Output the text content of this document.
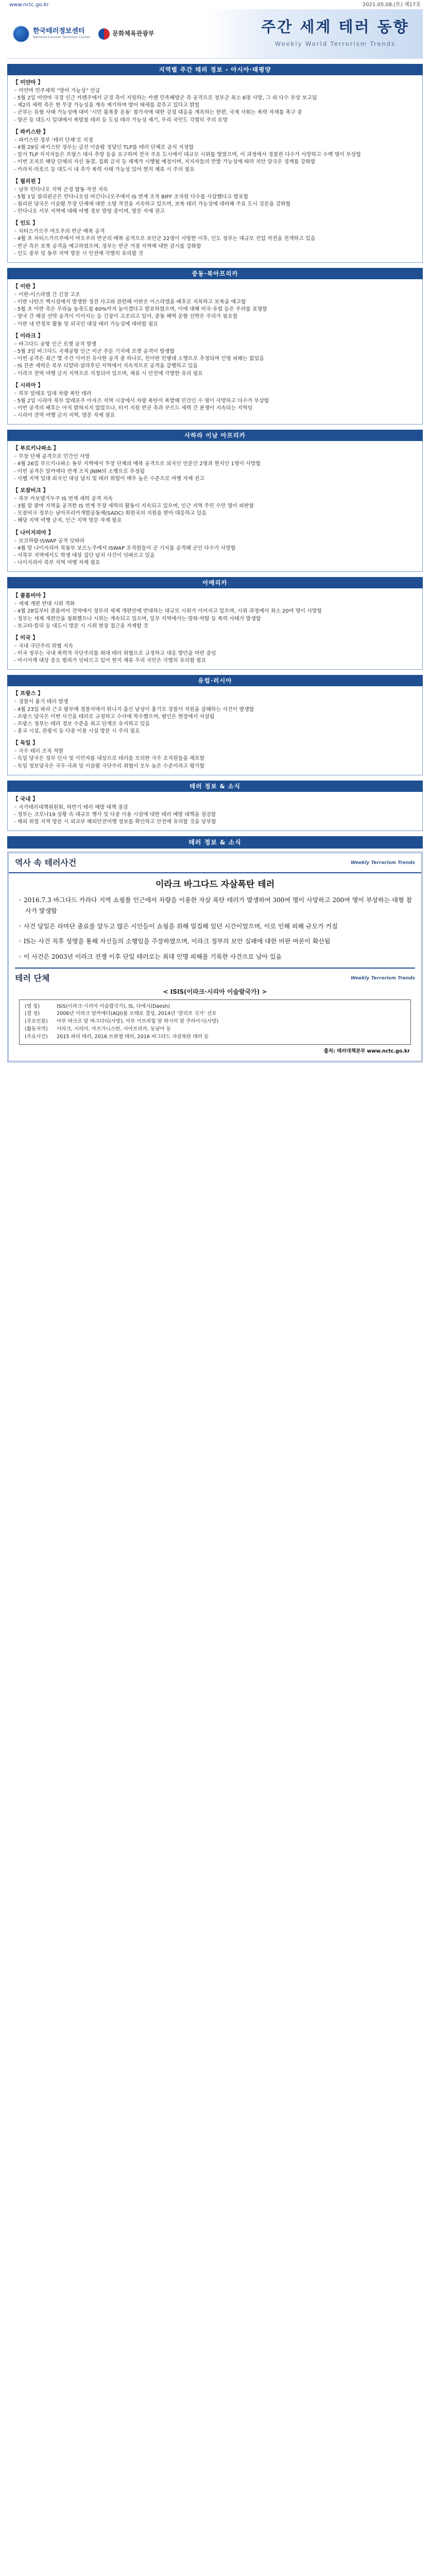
www.nctc.go.kr	2021.05.08.(토) 제17호
한국테러정보센터
National Counter Terrorism Center
문화체육관광부	주간 세계 테러 동향
Weekly World Terrorism Trends
지역별 주간 테러 정보 - 아시아·태평양
【 미얀마 】
◦ 미얀마 민주세력 “방어 가능성” 언급
- 5월 2일 미얀마 국경 인근 카렌주에서 군경 측이 지원하는 카렌 민족해방군 측 공격으로 정부군 최소 6명 사망, 그 외 다수 부상 보고됨
- 제2의 세력 측은 현 무장 가능성을 계속 제기하며 방어 태세를 갖추고 있다고 밝힘
- 군부는 유혈 사태 가능성에 대비 ‘시민 불복종 운동’ 참가자에 대한 강경 대응을 계속하는 한편, 국제 사회는 폭력 자제를 촉구 중
- 양곤 등 대도시 일대에서 폭발물 테러 등 도심 테러 가능성 제기, 우리 국민도 각별히 주의 요망
【 파키스탄 】
◦ 파키스탄 정부 ‘테러 단체’로 지정
- 4월 29일 파키스탄 정부는 급진 이슬람 정당인 TLP를 테러 단체로 공식 지정함
- 앞서 TLP 지지자들은 프랑스 대사 추방 등을 요구하며 전국 주요 도시에서 대규모 시위를 벌였으며, 이 과정에서 경찰관 다수가 사망하고 수백 명이 부상함
- 이번 조치로 해당 단체의 자산 동결, 집회 금지 등 제재가 시행될 예정이며, 지지자들의 반발 가능성에 따라 치안 당국은 경계를 강화함
- 카라치·라호르 등 대도시 내 추가 폭력 사태 가능성 있어 현지 체류 시 주의 필요
【 필리핀 】
◦ 남부 민다나오 지역 군경 합동 작전 지속
- 5월 1일 필리핀군은 민다나오섬 마긴다나오주에서 IS 연계 조직 BIFF 조직원 다수를 사살했다고 발표함
- 필리핀 당국은 이슬람 무장 단체에 대한 소탕 작전을 지속하고 있으며, 보복 테러 가능성에 대비해 주요 도시 검문을 강화함
- 민다나오 서부 지역에 대해 여행 경보 발령 중이며, 방문 자제 권고
【 인도 】
◦ 차티스가르주 마오주의 반군 매복 공격
- 4월 초 차티스가르주에서 마오주의 반군의 매복 공격으로 보안군 22명이 사망한 이후, 인도 정부는 대규모 진압 작전을 전개하고 있음
- 반군 측은 보복 공격을 예고하였으며, 정부는 반군 거점 지역에 대한 감시를 강화함
- 인도 중부 및 동부 지역 방문 시 안전에 각별히 유의할 것
중동·북아프리카
【 이란 】
◦ 이란-이스라엘 간 긴장 고조
- 이란 나탄즈 핵시설에서 발생한 정전 사고와 관련해 이란은 이스라엘을 배후로 지목하고 보복을 예고함
- 5월 초 이란 측은 우라늄 농축도를 60%까지 높이겠다고 발표하였으며, 이에 대해 미국·유럽 등은 우려를 표명함
- 양국 간 해상 선박 공격이 이어지는 등 긴장이 고조되고 있어, 중동 해역 운항 선박은 주의가 필요함
- 이란 내 반정부 활동 및 외국인 대상 테러 가능성에 대비할 필요
【 이라크 】
◦ 바그다드 공항 인근 로켓 공격 발생
- 5월 3일 바그다드 국제공항 인근 미군 주둔 기지에 로켓 공격이 발생함
- 이번 공격은 최근 몇 주간 이어진 유사한 공격 중 하나로, 친이란 민병대 소행으로 추정되며 인명 피해는 없었음
- IS 잔존 세력은 북부 디얄라·살라후딘 지역에서 지속적으로 공격을 감행하고 있음
- 이라크 전역 여행 금지 지역으로 지정되어 있으며, 체류 시 안전에 각별한 유의 필요
【 시리아 】
◦ 북부 알레포 일대 차량 폭탄 테러
- 5월 2일 시리아 북부 알레포주 아자즈 지역 시장에서 차량 폭탄이 폭발해 민간인 수 명이 사망하고 다수가 부상함
- 이번 공격의 배후는 아직 밝혀지지 않았으나, 터키 지원 반군 측과 쿠르드 세력 간 분쟁이 지속되는 지역임
- 시리아 전역 여행 금지 지역, 방문 자제 필요
사하라 이남 아프리카
【 부르키나파소 】
◦ 무장 단체 공격으로 민간인 사망
- 4월 26일 부르키나파소 동부 지역에서 무장 단체의 매복 공격으로 외국인 언론인 2명과 현지인 1명이 사망함
- 이번 공격은 알카에다 연계 조직 JNIM의 소행으로 추정됨
- 사헬 지역 일대 외국인 대상 납치 및 테러 위험이 매우 높은 수준으로 여행 자제 권고
【 모잠비크 】
◦ 북부 카보델가두주 IS 연계 세력 공격 지속
- 3월 말 팔마 지역을 공격한 IS 연계 무장 세력의 활동이 지속되고 있으며, 인근 지역 주민 수만 명이 피란함
- 모잠비크 정부는 남아프리카개발공동체(SADC) 회원국의 지원을 받아 대응하고 있음
- 해당 지역 여행 금지, 인근 지역 방문 자제 필요
【 나이지리아 】
◦ 보코하람·ISWAP 공격 잇따라
- 4월 말 나이지리아 북동부 보르노주에서 ISWAP 조직원들이 군 기지를 공격해 군인 다수가 사망함
- 서북부 지역에서도 학생 대상 집단 납치 사건이 잇따르고 있음
- 나이지리아 북부 지역 여행 자제 필요
아메리카
【 콜롬비아 】
◦ 세제 개편 반대 시위 격화
- 4월 28일부터 콜롬비아 전역에서 정부의 세제 개편안에 반대하는 대규모 시위가 이어지고 있으며, 시위 과정에서 최소 20여 명이 사망함
- 정부는 세제 개편안을 철회했으나 시위는 계속되고 있으며, 일부 지역에서는 방화·약탈 등 폭력 사태가 발생함
- 보고타·칼리 등 대도시 방문 시 시위 현장 접근을 자제할 것
【 미국 】
◦ 국내 극단주의 위협 지속
- 미국 정부는 국내 폭력적 극단주의를 최대 테러 위협으로 규정하고 대응 방안을 마련 중임
- 아시아계 대상 증오 범죄가 잇따르고 있어 현지 체류 우리 국민은 각별히 유의할 필요
유럽·러시아
【 프랑스 】
◦ 경찰서 흉기 테러 발생
- 4월 23일 파리 근교 랑부예 경찰서에서 튀니지 출신 남성이 흉기로 경찰서 직원을 살해하는 사건이 발생함
- 프랑스 당국은 이번 사건을 테러로 규정하고 수사에 착수했으며, 범인은 현장에서 사살됨
- 프랑스 정부는 테러 경보 수준을 최고 단계로 유지하고 있음
- 종교 시설, 관광지 등 다중 이용 시설 방문 시 주의 필요
【 독일 】
◦ 극우 테러 조직 적발
- 독일 당국은 정부 인사 및 이민자를 대상으로 테러를 모의한 극우 조직원들을 체포함
- 독일 정보당국은 극우·극좌 및 이슬람 극단주의 위협이 모두 높은 수준이라고 평가함
테러 정보 & 소식
【 국내 】
◦ 국가테러대책위원회, 하반기 테러 예방 대책 점검
- 정부는 코로나19 상황 속 대규모 행사 및 다중 이용 시설에 대한 테러 예방 대책을 점검함
- 해외 위험 지역 방문 시 외교부 해외안전여행 정보를 확인하고 안전에 유의할 것을 당부함
테러 정보 & 소식
역사 속 테러사건	Weekly Terrorism Trends
이라크 바그다드 자살폭탄 테러
◦ 2016.7.3 바그다드 카라다 지역 쇼핑몰 인근에서 차량을 이용한 자살 폭탄 테러가 발생하여 300여 명이 사망하고 200여 명이 부상하는 대형 참사가 발생함
◦ 사건 당일은 라마단 종료를 앞두고 많은 시민들이 쇼핑을 위해 밀집해 있던 시간이었으며, 이로 인해 피해 규모가 커짐
◦ IS는 사건 직후 성명을 통해 자신들의 소행임을 주장하였으며, 이라크 정부의 보안 실패에 대한 비판 여론이 확산됨
◦ 이 사건은 2003년 이라크 전쟁 이후 단일 테러로는 최대 인명 피해를 기록한 사건으로 남아 있음
테러 단체	Weekly Terrorism Trends
< ISIS(이라크·시리아 이슬람국가) >
(명 칭)	ISIS(이라크·시리아 이슬람국가), IS, 다에시(Daesh)
(결 성)	2006년 이라크 알카에다(AQI)를 모태로 결성, 2014년 ‘칼리프 국가’ 선포
(주요인물)	아부 바크르 알 바그다디(사망), 아부 이브라힘 알 하시미 알 쿠라이시(사망)
(활동지역)	이라크, 시리아, 아프가니스탄, 서아프리카, 동남아 등
(주요사건)	2015 파리 테러, 2016 브뤼셀 테러, 2016 바그다드 자살폭탄 테러 등
출처: 테러대책본부 www.nctc.go.kr
